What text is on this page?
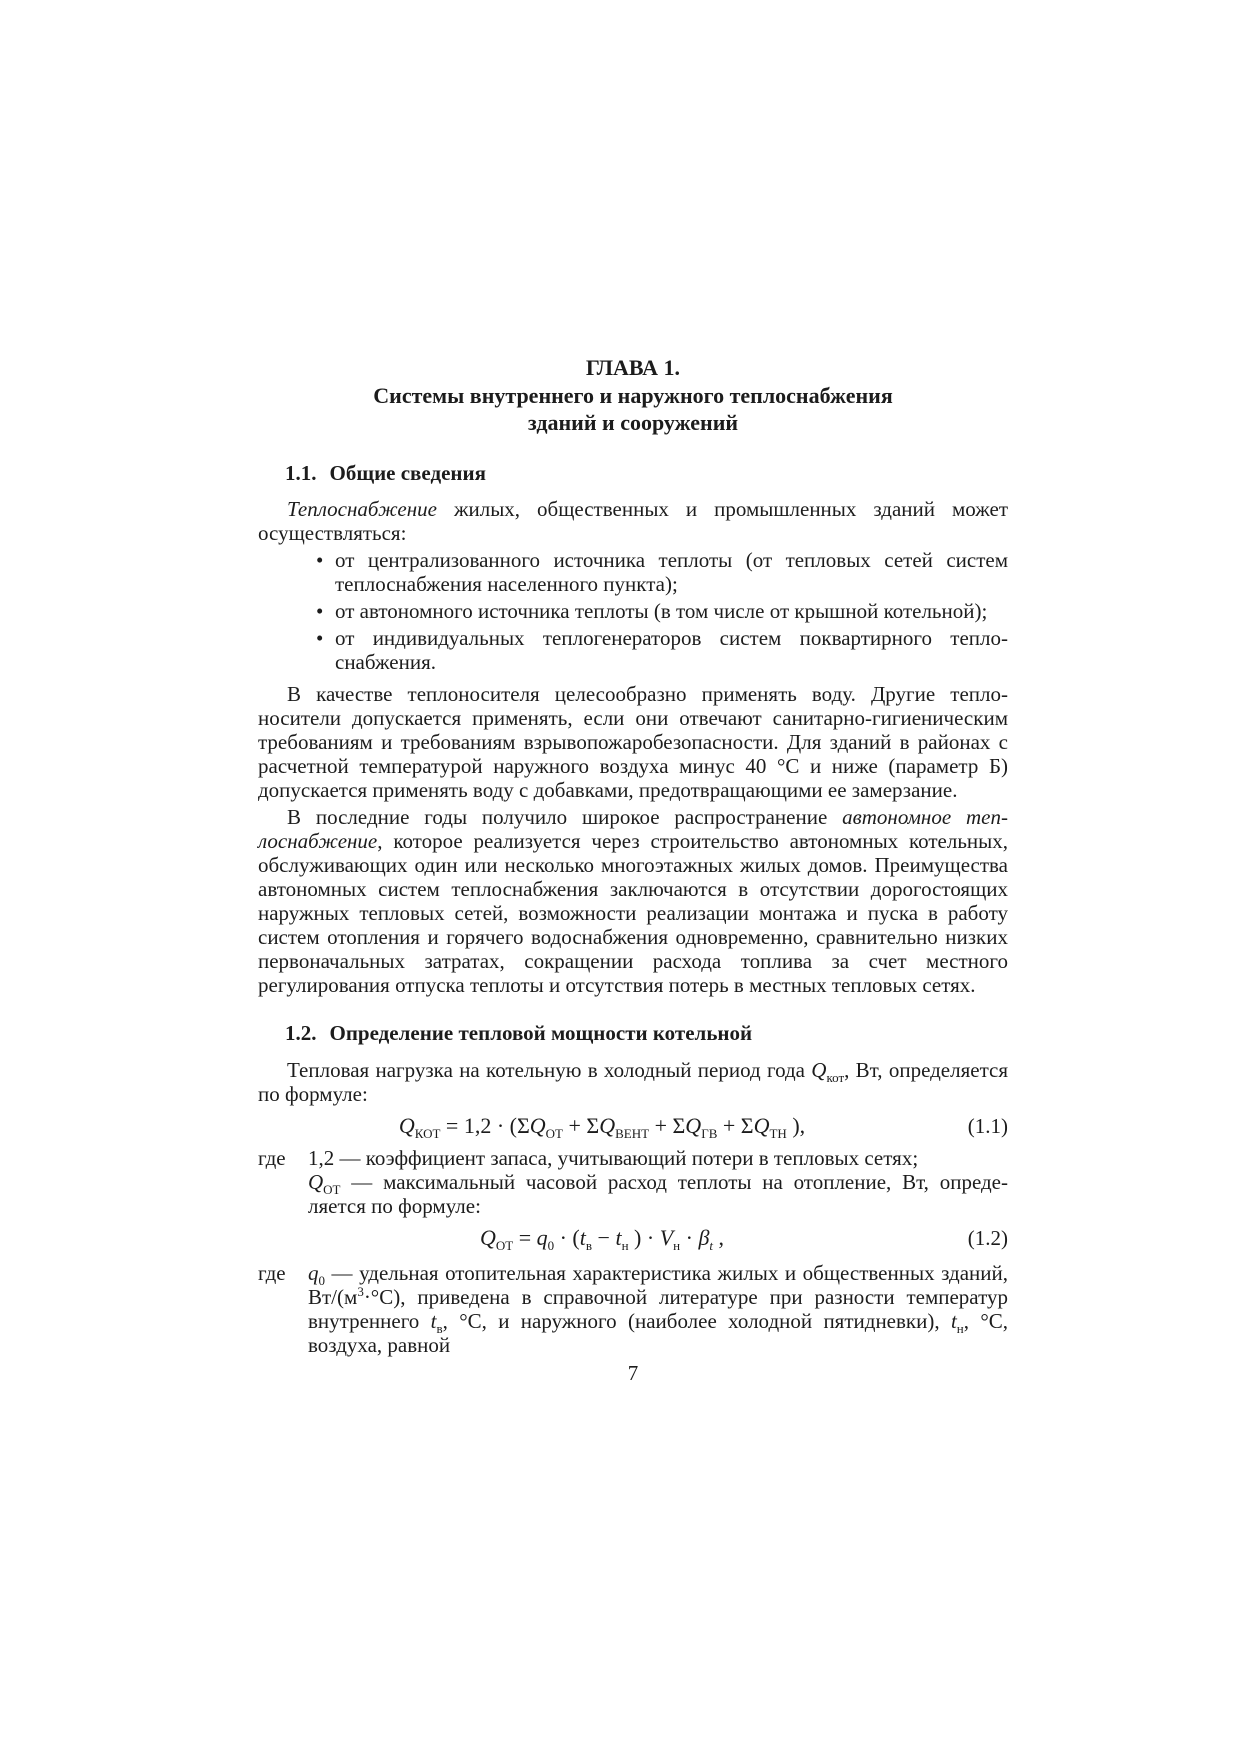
ГЛАВА 1.
Системы внутреннего и наружного теплоснабжения
зданий и сооружений
1.1. Общие сведения

Теплоснабжение жилых, общественных и промышленных зданий может осуществляться:

• от централизованного источника теплоты (от тепловых сетей систем теплоснабжения населенного пункта);
• от автономного источника теплоты (в том числе от крышной котельной);
• от индивидуальных теплогенераторов систем поквартирного теплоснабжения.

В качестве теплоносителя целесообразно применять воду. Другие теплоносители допускается применять, если они отвечают санитарно-гигиеническим требованиям и требованиям взрывопожаробезопасности. Для зданий в районах с расчетной температурой наружного воздуха минус 40 °С и ниже (параметр Б) допускается применять воду с добавками, предотвращающими ее замерзание.

В последние годы получило широкое распространение автономное теплоснабжение, которое реализуется через строительство автономных котельных, обслуживающих один или несколько многоэтажных жилых домов. Преимущества автономных систем теплоснабжения заключаются в отсутствии дорогостоящих наружных тепловых сетей, возможности реализации монтажа и пуска в работу систем отопления и горячего водоснабжения одновременно, сравнительно низких первоначальных затратах, сокращении расхода топлива за счет местного регулирования отпуска теплоты и отсутствия потерь в местных тепловых сетях.

1.2. Определение тепловой мощности котельной

Тепловая нагрузка на котельную в холодный период года $Q_{кот}$, Вт, определяется по формуле:

$Q_{КОТ} = 1,2 \cdot (\Sigma Q_{ОТ} + \Sigma Q_{ВЕНТ} + \Sigma Q_{ГВ} + \Sigma Q_{ТН}$ ),	(1.1)
где	1,2 — коэффициент запаса, учитывающий потери в тепловых сетях;
$Q_{ОТ}$ — максимальный часовой расход теплоты на отопление, Вт, определяется по формуле:
$Q_{ОТ} = q_0 \cdot (t_в - t_н$ ) · $V_н \cdot \beta_t$ ,	(1.2)
где	$q_0$ — удельная отопительная характеристика жилых и общественных зданий, $Вт/(м^3\cdot^\circ С)$, приведена в справочной литературе при разности температур внутреннего $t_в$, °С, и наружного (наиболее холодной пятидневки), $t_н$, °С, воздуха, равной
7
